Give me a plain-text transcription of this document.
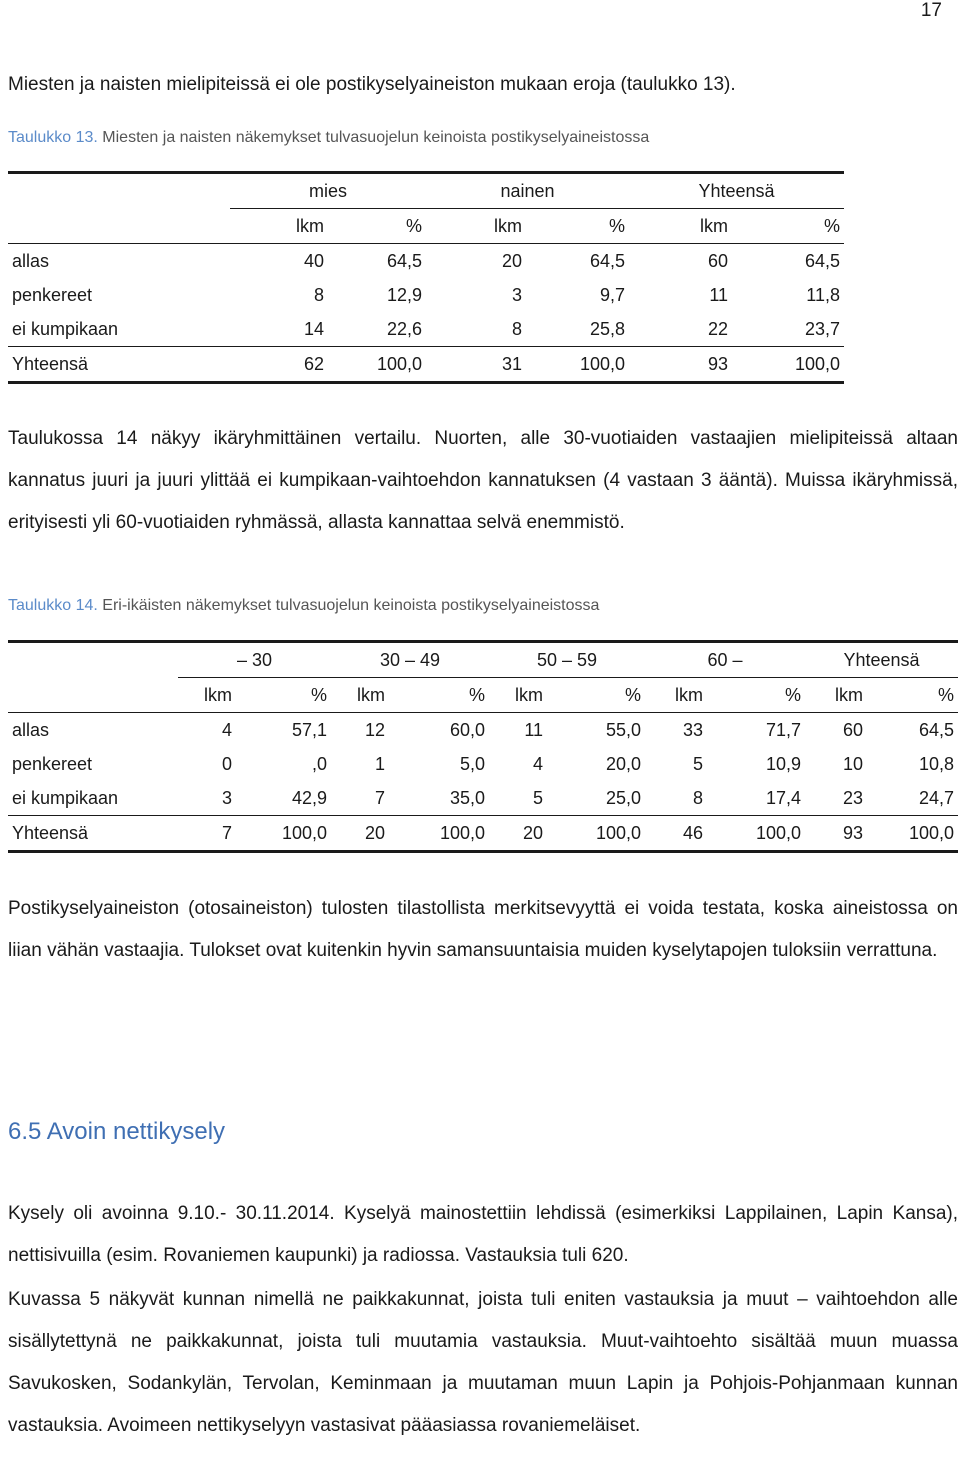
17

Miesten ja naisten mielipiteissä ei ole postikyselyaineiston mukaan eroja (taulukko 13).

Taulukko 13. Miesten ja naisten näkemykset tulvasuojelun keinoista postikyselyaineistossa
	mies		nainen		Yhteensä	
	lkm	%	lkm	%	lkm	%
allas	40	64,5	20	64,5	60	64,5
penkereet	8	12,9	3	9,7	11	11,8
ei kumpikaan	14	22,6	8	25,8	22	23,7
Yhteensä	62	100,0	31	100,0	93	100,0

Taulukossa 14 näkyy ikäryhmittäinen vertailu. Nuorten, alle 30-vuotiaiden vastaajien mielipiteissä altaan kannatus juuri ja juuri ylittää ei kumpikaan-vaihtoehdon kannatuksen (4 vastaan 3 ääntä). Muissa ikäryhmissä, erityisesti yli 60-vuotiaiden ryhmässä, allasta kannattaa selvä enemmistö.

Taulukko 14. Eri-ikäisten näkemykset tulvasuojelun keinoista postikyselyaineistossa
	– 30		30 – 49		50 – 59		60 –		Yhteensä	
	lkm	%	lkm	%	lkm	%	lkm	%	lkm	%
allas	4	57,1	12	60,0	11	55,0	33	71,7	60	64,5
penkereet	0	,0	1	5,0	4	20,0	5	10,9	10	10,8
ei kumpikaan	3	42,9	7	35,0	5	25,0	8	17,4	23	24,7
Yhteensä	7	100,0	20	100,0	20	100,0	46	100,0	93	100,0

Postikyselyaineiston (otosaineiston) tulosten tilastollista merkitsevyyttä ei voida testata, koska aineistossa on liian vähän vastaajia. Tulokset ovat kuitenkin hyvin samansuuntaisia muiden kyselytapojen tuloksiin verrattuna.

6.5 Avoin nettikysely

Kysely oli avoinna 9.10.- 30.11.2014. Kyselyä mainostettiin lehdissä (esimerkiksi Lappilainen, Lapin Kansa), nettisivuilla (esim. Rovaniemen kaupunki) ja radiossa. Vastauksia tuli 620.

Kuvassa 5 näkyvät kunnan nimellä ne paikkakunnat, joista tuli eniten vastauksia ja muut – vaihtoehdon alle sisällytettynä ne paikkakunnat, joista tuli muutamia vastauksia. Muut-vaihtoehto sisältää muun muassa Savukosken, Sodankylän, Tervolan, Keminmaan ja muutaman muun Lapin ja Pohjois-Pohjanmaan kunnan vastauksia. Avoimeen nettikyselyyn vastasivat pääasiassa rovaniemeläiset.
